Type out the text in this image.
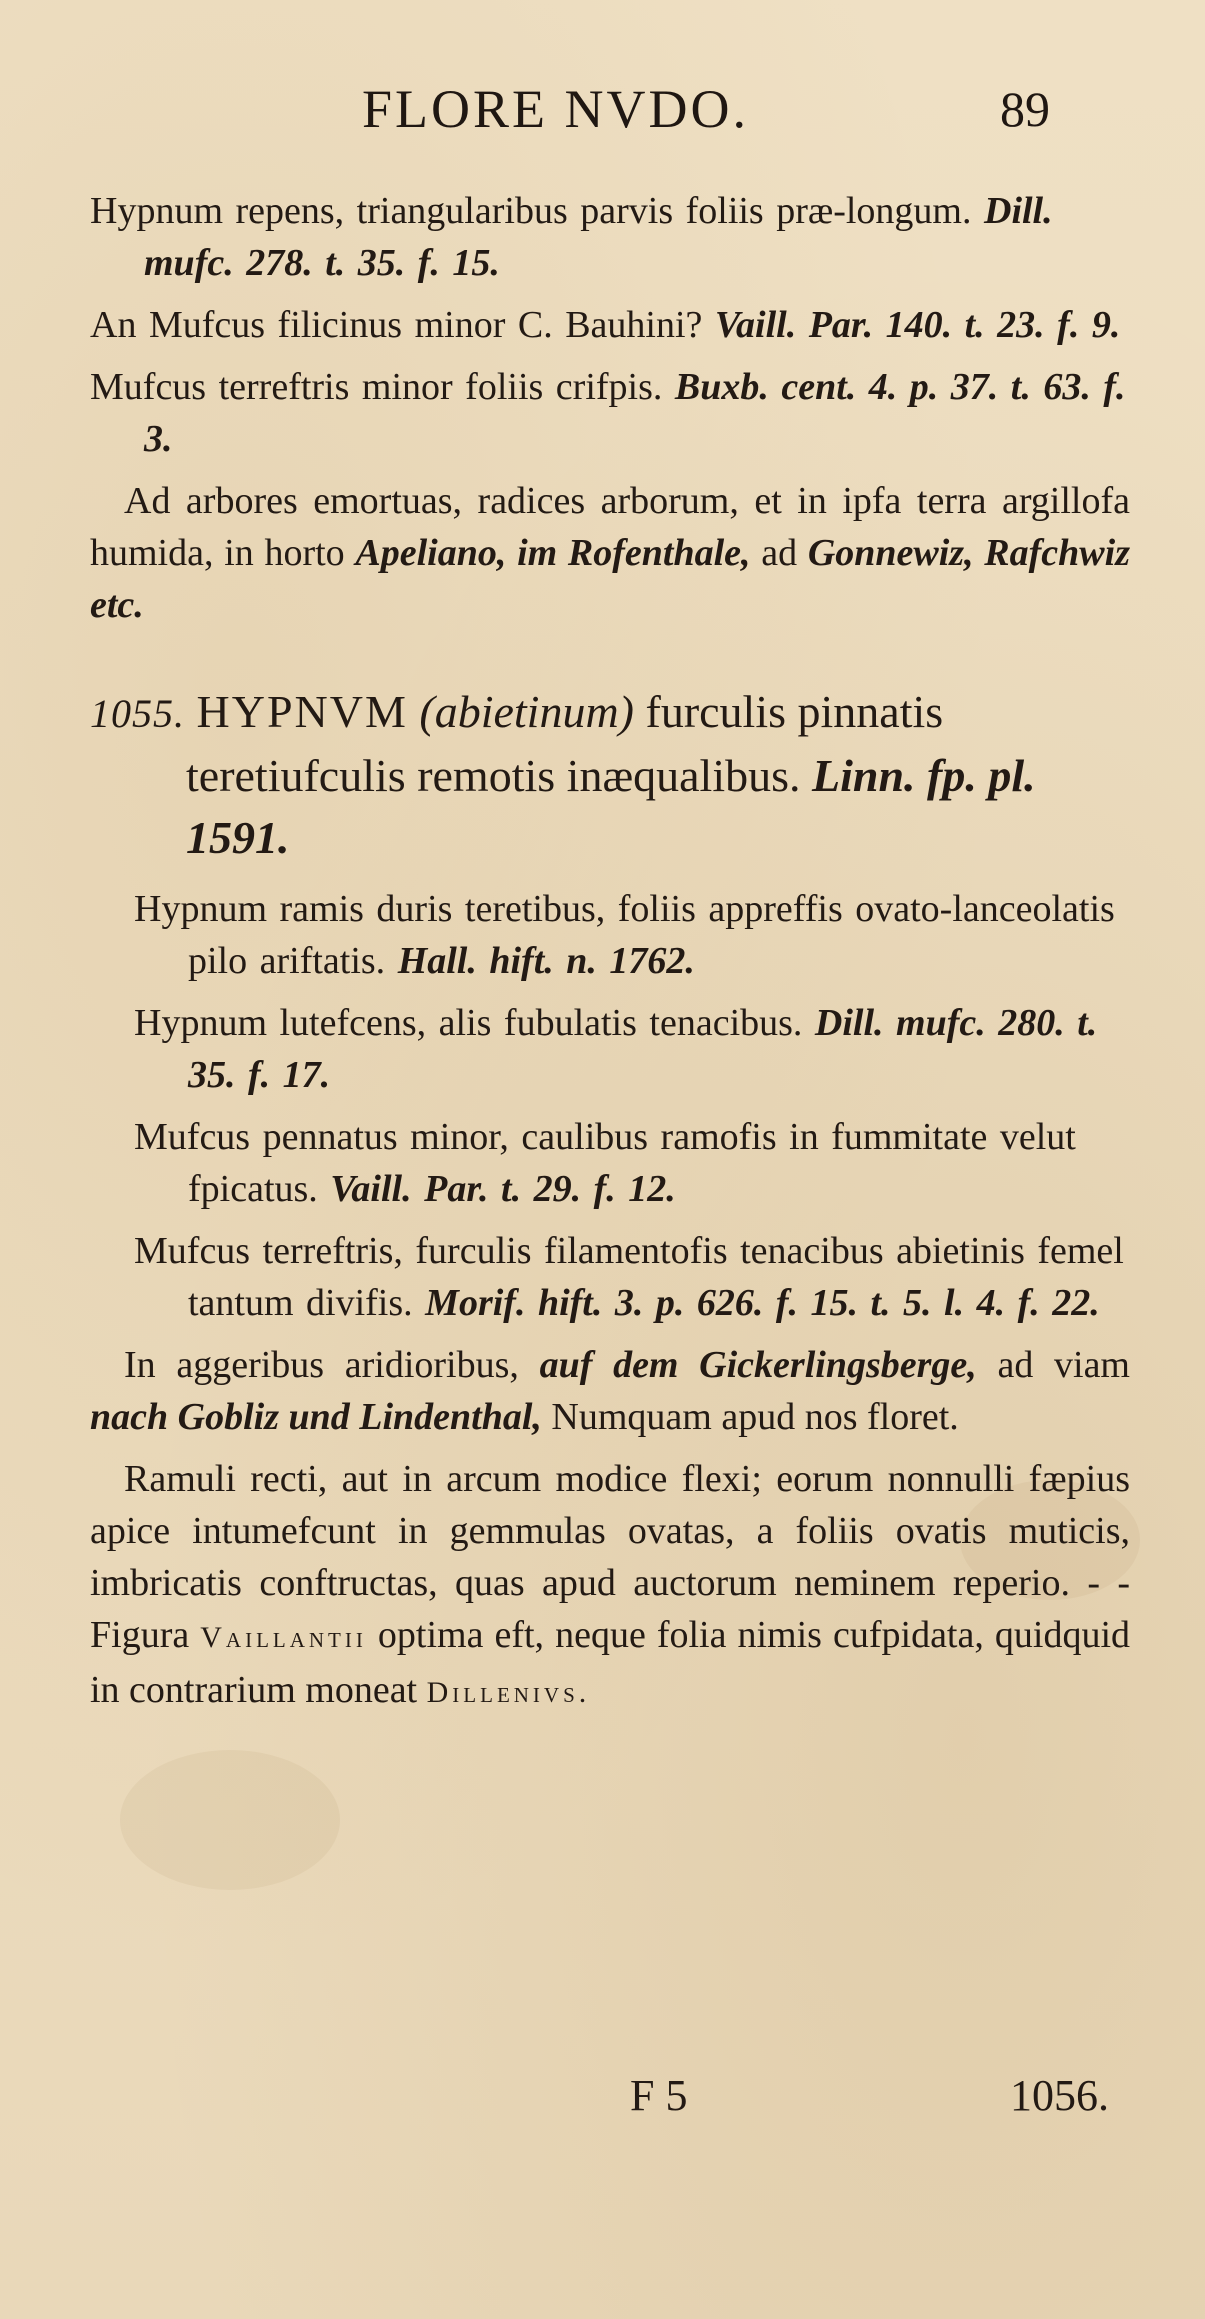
FLORE NVDO.	89

Hypnum repens, triangularibus parvis foliis præ-longum. Dill. mufc. 278. t. 35. f. 15.

An Mufcus filicinus minor C. Bauhini? Vaill. Par. 140. t. 23. f. 9.

Mufcus terreftris minor foliis crifpis. Buxb. cent. 4. p. 37. t. 63. f. 3.

Ad arbores emortuas, radices arborum, et in ipfa terra argillofa humida, in horto Apeliano, im Rofenthale, ad Gonnewiz, Rafchwiz etc.

1055. HYPNVM (abietinum) furculis pinnatis teretiufculis remotis inæqualibus. Linn. fp. pl. 1591.

Hypnum ramis duris teretibus, foliis appreffis ovato-lanceolatis pilo ariftatis. Hall. hift. n. 1762.

Hypnum lutefcens, alis fubulatis tenacibus. Dill. mufc. 280. t. 35. f. 17.

Mufcus pennatus minor, caulibus ramofis in fummitate velut fpicatus. Vaill. Par. t. 29. f. 12.

Mufcus terreftris, furculis filamentofis tenacibus abietinis femel tantum divifis. Morif. hift. 3. p. 626. f. 15. t. 5. l. 4. f. 22.

In aggeribus aridioribus, auf dem Gickerlingsberge, ad viam nach Gobliz und Lindenthal, Numquam apud nos floret.

Ramuli recti, aut in arcum modice flexi; eorum nonnulli fæpius apice intumefcunt in gemmulas ovatas, a foliis ovatis muticis, imbricatis conftructas, quas apud auctorum neminem reperio. - - Figura Vaillantii optima eft, neque folia nimis cufpidata, quidquid in contrarium moneat Dillenivs.

F 5	1056.
